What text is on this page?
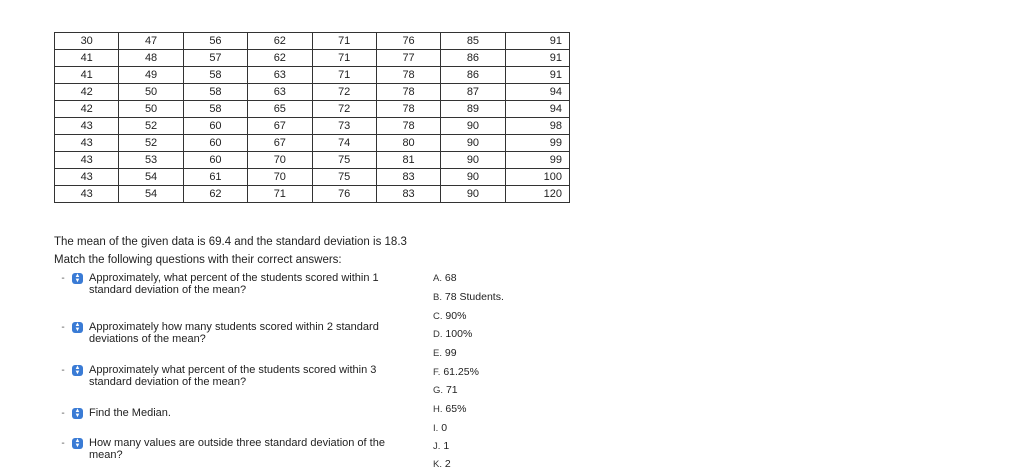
30	47	56	62	71	76	85	91
41	48	57	62	71	77	86	91
41	49	58	63	71	78	86	91
42	50	58	63	72	78	87	94
42	50	58	65	72	78	89	94
43	52	60	67	73	78	90	98
43	52	60	67	74	80	90	99
43	53	60	70	75	81	90	99
43	54	61	70	75	83	90	100
43	54	62	71	76	83	90	120

The mean of the given data is 69.4 and the standard deviation is 18.3

Match the following questions with their correct answers:

-	▲
▼ Approximately, what percent of the students scored within 1 standard deviation of the mean?
-	▲
▼ Approximately how many students scored within 2 standard deviations of the mean?
-	▲
▼ Approximately what percent of the students scored within 3 standard deviation of the mean?
-	▲
▼ Find the Median.
-	▲
▼ How many values are outside three standard deviation of the mean?
A. 68
B. 78 Students.
C. 90%
D. 100%
E. 99
F. 61.25%
G. 71
H. 65%
I. 0
J. 1
K. 2
